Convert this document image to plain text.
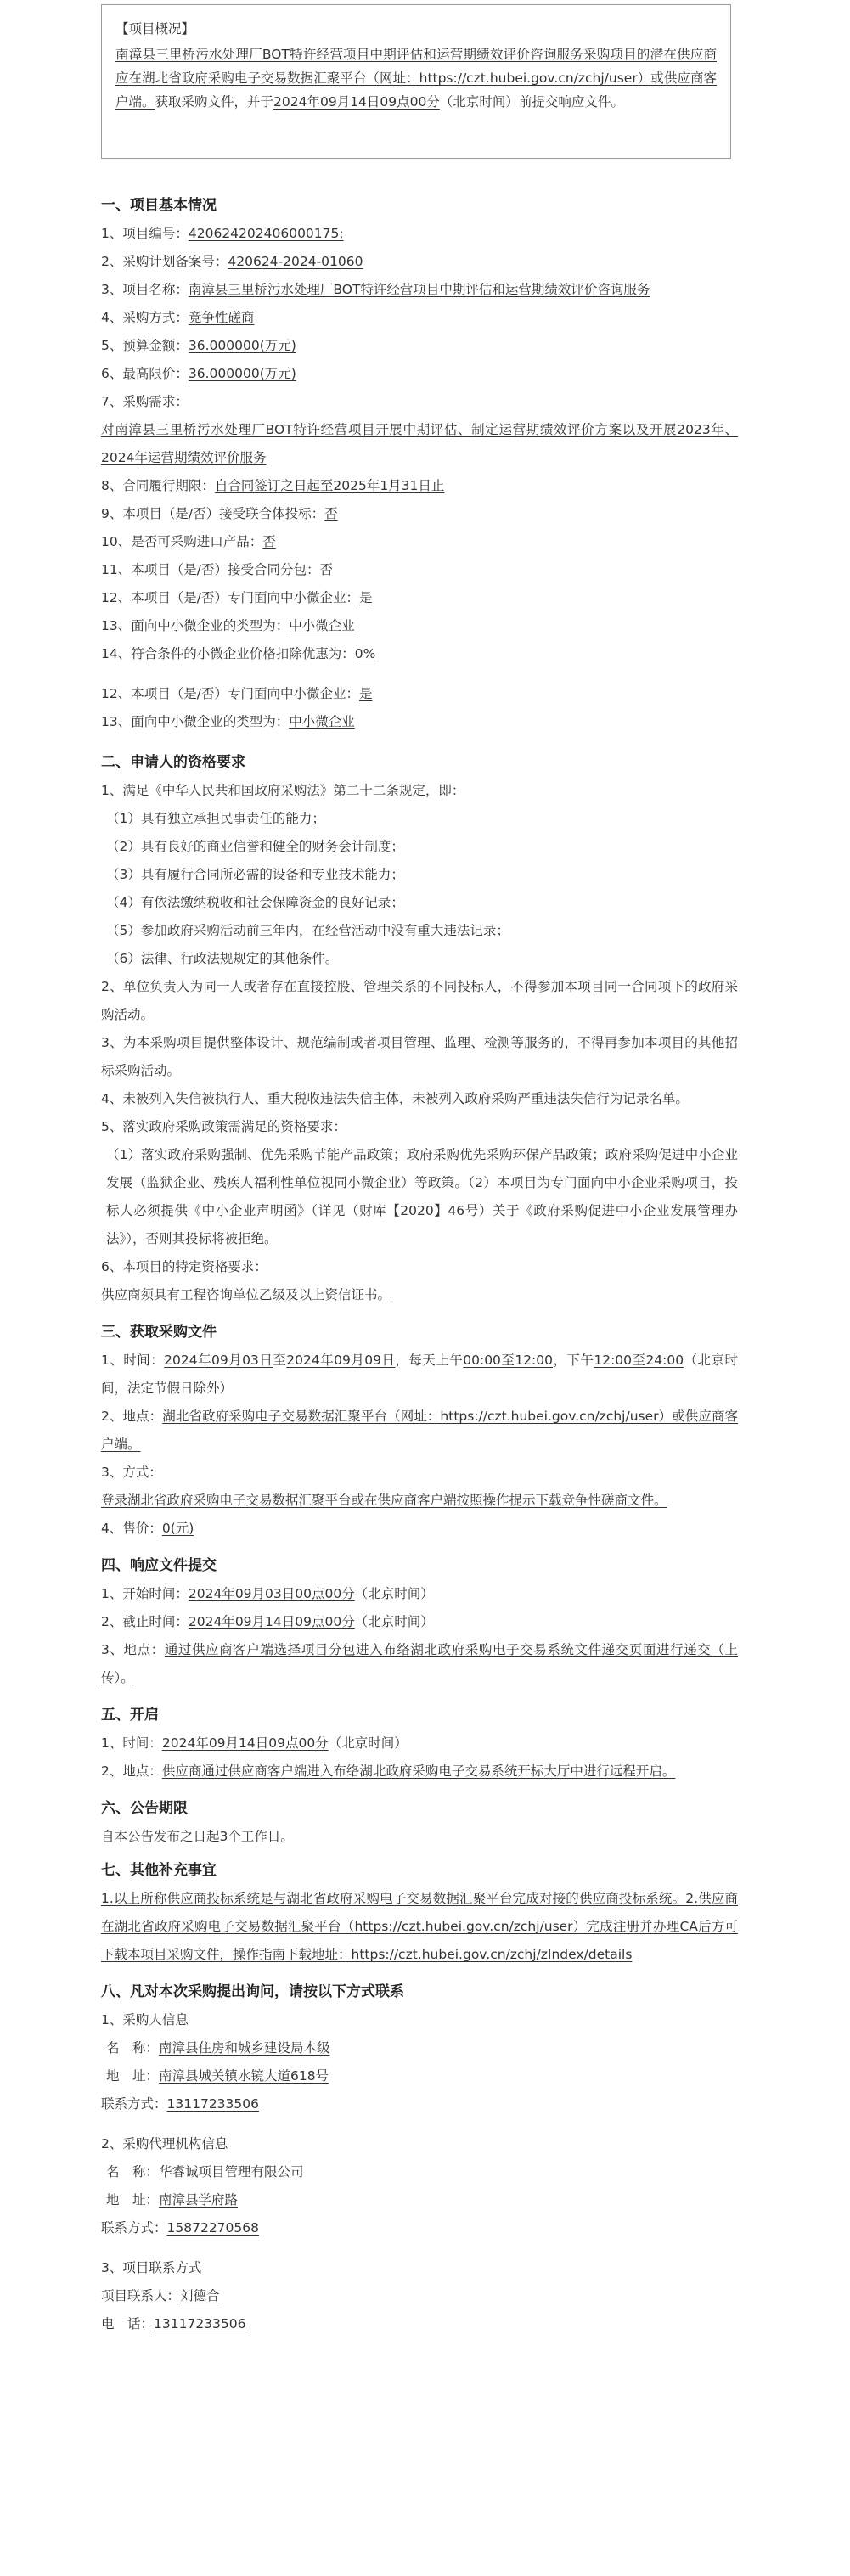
【项目概况】
南漳县三里桥污水处理厂BOT特许经营项目中期评估和运营期绩效评价咨询服务采购项目的潜在供应商应在湖北省政府采购电子交易数据汇聚平台（网址：https://czt.hubei.gov.cn/zchj/user）或供应商客户端。获取采购文件，并于2024年09月14日09点00分（北京时间）前提交响应文件。
一、项目基本情况
1、项目编号：420624202406000175;
2、采购计划备案号：420624-2024-01060
3、项目名称：南漳县三里桥污水处理厂BOT特许经营项目中期评估和运营期绩效评价咨询服务
4、采购方式：竞争性磋商
5、预算金额：36.000000(万元)
6、最高限价：36.000000(万元)
7、采购需求：
对南漳县三里桥污水处理厂BOT特许经营项目开展中期评估、制定运营期绩效评价方案以及开展2023年、2024年运营期绩效评价服务
8、合同履行期限：自合同签订之日起至2025年1月31日止
9、本项目（是/否）接受联合体投标：否
10、是否可采购进口产品：否
11、本项目（是/否）接受合同分包：否
12、本项目（是/否）专门面向中小微企业：是
13、面向中小微企业的类型为：中小微企业
14、符合条件的小微企业价格扣除优惠为：0%
12、本项目（是/否）专门面向中小微企业：是
13、面向中小微企业的类型为：中小微企业
二、申请人的资格要求
1、满足《中华人民共和国政府采购法》第二十二条规定，即：
（1）具有独立承担民事责任的能力；
（2）具有良好的商业信誉和健全的财务会计制度；
（3）具有履行合同所必需的设备和专业技术能力；
（4）有依法缴纳税收和社会保障资金的良好记录；
（5）参加政府采购活动前三年内，在经营活动中没有重大违法记录；
（6）法律、行政法规规定的其他条件。
2、单位负责人为同一人或者存在直接控股、管理关系的不同投标人，不得参加本项目同一合同项下的政府采购活动。
3、为本采购项目提供整体设计、规范编制或者项目管理、监理、检测等服务的，不得再参加本项目的其他招标采购活动。
4、未被列入失信被执行人、重大税收违法失信主体，未被列入政府采购严重违法失信行为记录名单。
5、落实政府采购政策需满足的资格要求：
（1）落实政府采购强制、优先采购节能产品政策；政府采购优先采购环保产品政策；政府采购促进中小企业发展（监狱企业、残疾人福利性单位视同小微企业）等政策。（2）本项目为专门面向中小企业采购项目，投标人必须提供《中小企业声明函》（详见（财库【2020】46号）关于《政府采购促进中小企业发展管理办法》），否则其投标将被拒绝。
6、本项目的特定资格要求：
供应商须具有工程咨询单位乙级及以上资信证书。
三、获取采购文件
1、时间：2024年09月03日至2024年09月09日，每天上午00:00至12:00，下午12:00至24:00（北京时间，法定节假日除外）
2、地点：湖北省政府采购电子交易数据汇聚平台（网址：https://czt.hubei.gov.cn/zchj/user）或供应商客户端。
3、方式：
登录湖北省政府采购电子交易数据汇聚平台或在供应商客户端按照操作提示下载竞争性磋商文件。
4、售价：0(元)
四、响应文件提交
1、开始时间：2024年09月03日00点00分（北京时间）
2、截止时间：2024年09月14日09点00分（北京时间）
3、地点：通过供应商客户端选择项目分包进入布络湖北政府采购电子交易系统文件递交页面进行递交（上传）。
五、开启
1、时间：2024年09月14日09点00分（北京时间）
2、地点：供应商通过供应商客户端进入布络湖北政府采购电子交易系统开标大厅中进行远程开启。
六、公告期限
自本公告发布之日起3个工作日。
七、其他补充事宜
1.以上所称供应商投标系统是与湖北省政府采购电子交易数据汇聚平台完成对接的供应商投标系统。2.供应商在湖北省政府采购电子交易数据汇聚平台（https://czt.hubei.gov.cn/zchj/user）完成注册并办理CA后方可下载本项目采购文件，操作指南下载地址：https://czt.hubei.gov.cn/zchj/zIndex/details
八、凡对本次采购提出询问，请按以下方式联系
1、采购人信息
名　称：南漳县住房和城乡建设局本级
地　址：南漳县城关镇水镜大道618号
联系方式：13117233506
2、采购代理机构信息
名　称：华睿诚项目管理有限公司
地　址：南漳县学府路
联系方式：15872270568
3、项目联系方式
项目联系人：刘德合
电　话：13117233506
